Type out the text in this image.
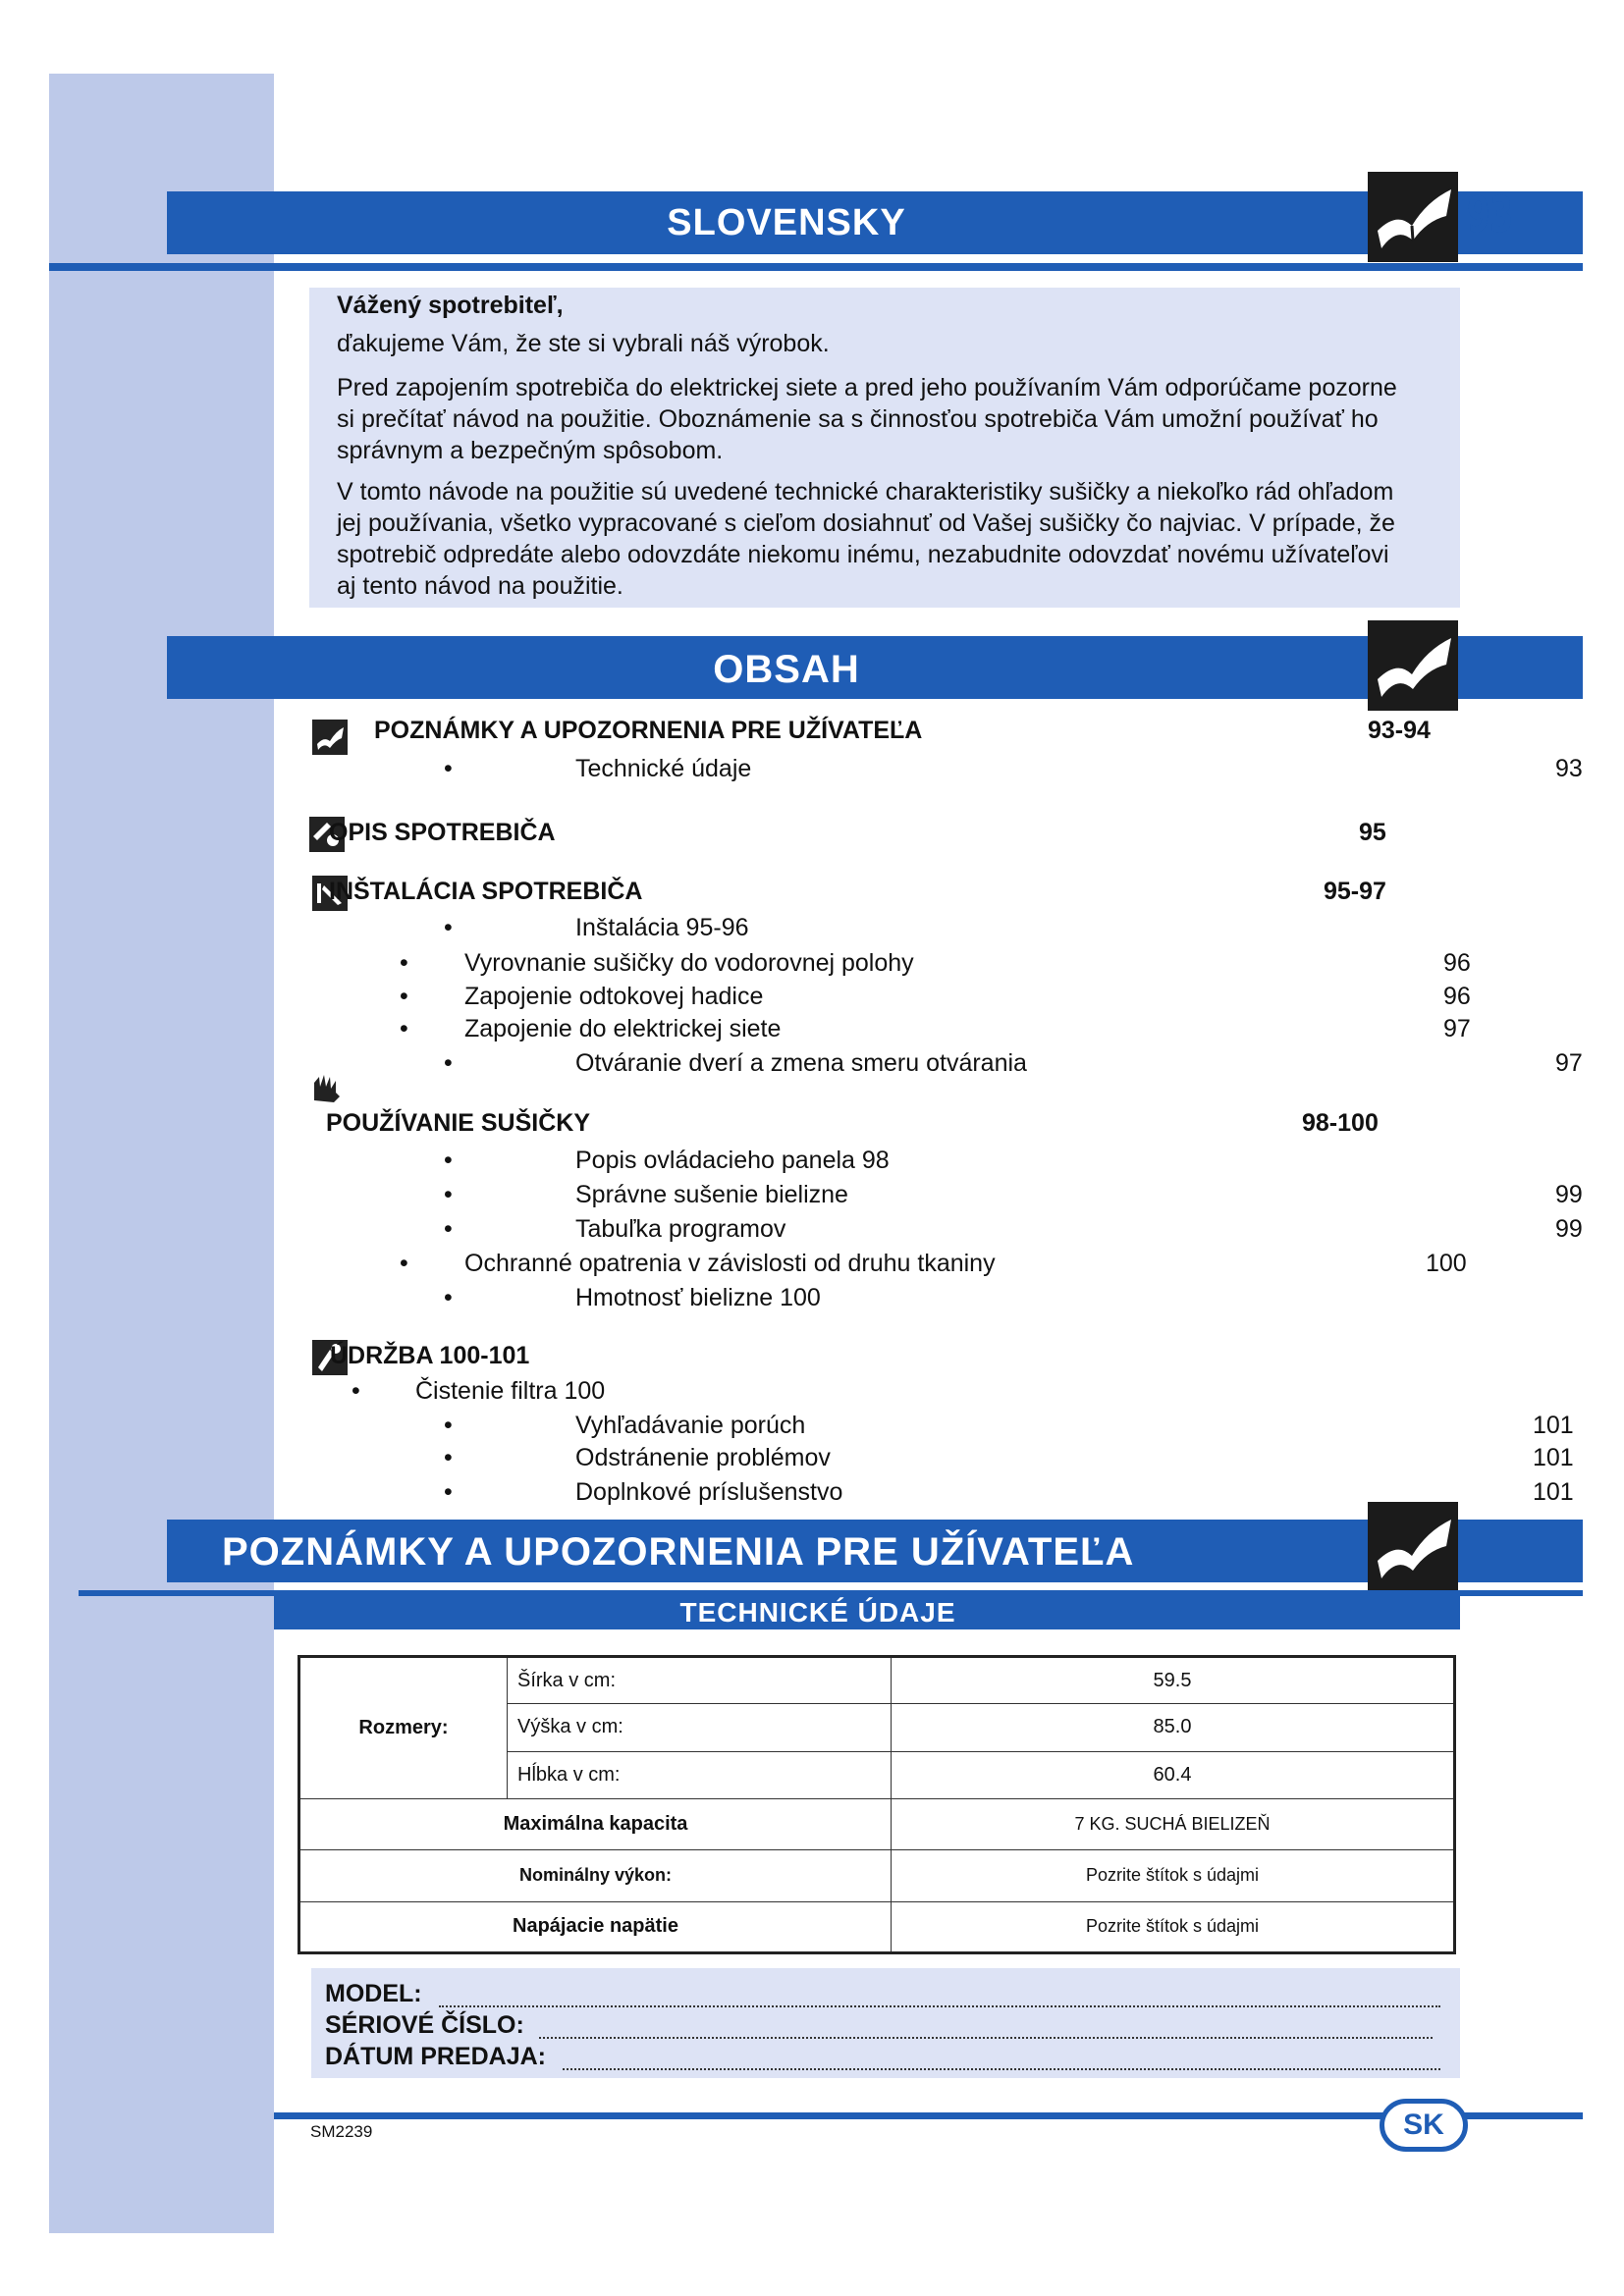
SLOVENSKY	93

Vážený spotrebiteľ,

ďakujeme Vám, že ste si vybrali náš výrobok.

Pred zapojením spotrebiča do elektrickej siete a pred jeho používaním Vám odporúčame pozorne

si prečítať návod na použitie. Oboznámenie sa s činnosťou spotrebiča Vám umožní používať ho

správnym a bezpečným spôsobom.

V tomto návode na použitie sú uvedené technické charakteristiky sušičky a niekoľko rád ohľadom

jej používania, všetko vypracované s cieľom dosiahnuť od Vašej sušičky čo najviac. V prípade, že

spotrebič odpredáte alebo odovzdáte niekomu inému, nezabudnite odovzdať novému užívateľovi

aj tento návod na použitie.

OBSAH
POZNÁMKY A UPOZORNENIA PRE UŽÍVATEĽA	93-94
•	Technické údaje	93
OPIS SPOTREBIČA	95
INŠTALÁCIA SPOTREBIČA	95-97
•	Inštalácia 95-96
• Vyrovnanie sušičky do vodorovnej polohy	96
• Zapojenie odtokovej hadice	96
• Zapojenie do elektrickej siete	97
•	Otváranie dverí a zmena smeru otvárania	97
POUŽÍVANIE SUŠIČKY	98-100
•	Popis ovládacieho panela 98
•	Správne sušenie bielizne	99
•	Tabuľka programov	99
• Ochranné opatrenia v závislosti od druhu tkaniny	100
•	Hmotnosť bielizne 100
ÚDRŽBA 100-101
• Čistenie filtra 100
•	Vyhľadávanie porúch	101
•	Odstránenie problémov	101
•	Doplnkové príslušenstvo	101
POZNÁMKY A UPOZORNENIA PRE UŽÍVATEĽA
TECHNICKÉ ÚDAJE
Rozmery:	Šírka v cm:	59.5
	Výška v cm:	85.0
	Hĺbka v cm:	60.4
Maximálna kapacita		7 KG. SUCHÁ BIELIZEŇ
Nominálny výkon:		Pozrite štítok s údajmi
Napájacie napätie		Pozrite štítok s údajmi
MODEL:
SÉRIOVÉ ČÍSLO:
DÁTUM PREDAJA:
SK
SM2239
